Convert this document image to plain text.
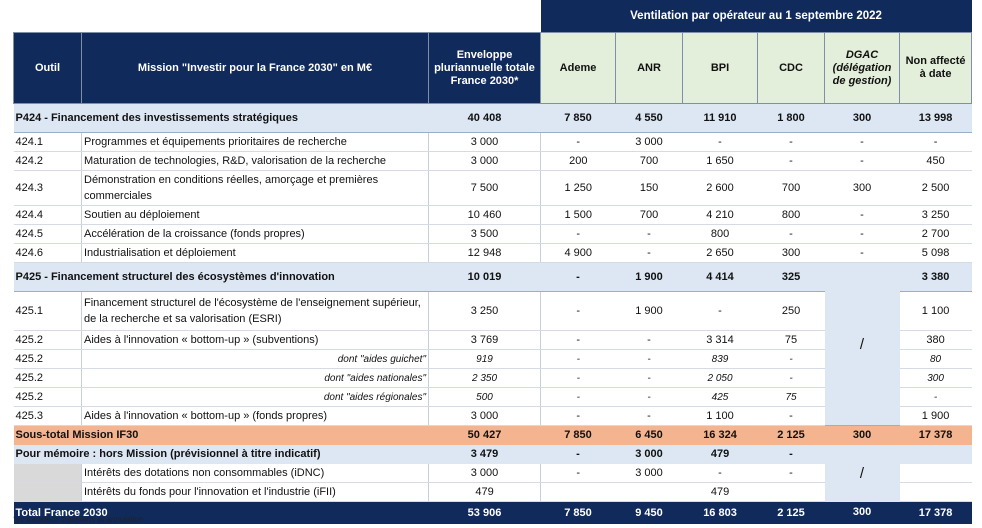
			Ventilation par opérateur au 1 septembre 2022					
Outil	Mission "Investir pour la France 2030" en M€	Enveloppe pluriannuelle totale France 2030*	Ademe	ANR	BPI	CDC	DGAC (délégation de gestion)	Non affecté à date
P424 - Financement des investissements stratégiques		40 408	7 850	4 550	11 910	1 800	300	13 998
424.1	Programmes et équipements prioritaires de recherche	3 000	-	3 000	-	-	-	-
424.2	Maturation de technologies, R&D, valorisation de la recherche	3 000	200	700	1 650	-	-	450
424.3	Démonstration en conditions réelles, amorçage et premières commerciales	7 500	1 250	150	2 600	700	300	2 500
424.4	Soutien au déploiement	10 460	1 500	700	4 210	800	-	3 250
424.5	Accélération de la croissance (fonds propres)	3 500	-	-	800	-	-	2 700
424.6	Industrialisation et déploiement	12 948	4 900	-	2 650	300	-	5 098
P425 - Financement structurel des écosystèmes d'innovation		10 019	-	1 900	4 414	325	/	3 380
425.1	Financement structurel de l'écosystème de l'enseignement supérieur, de la recherche et sa valorisation (ESRI)	3 250	-	1 900	-	250		1 100
425.2	Aides à l'innovation « bottom-up » (subventions)	3 769	-	-	3 314	75		380
425.2	dont "aides guichet"	919	-	-	839	-		80
425.2	dont "aides nationales"	2 350	-	-	2 050	-		300
425.2	dont "aides régionales"	500	-	-	425	75		-
425.3	Aides à l'innovation « bottom-up » (fonds propres)	3 000	-	-	1 100	-		1 900
Sous-total Mission IF30		50 427	7 850	6 450	16 324	2 125	300	17 378
Pour mémoire : hors Mission (prévisionnel à titre indicatif)		3 479	-	3 000	479	-	/	
	Intérêts des dotations non consommables (iDNC)	3 000	-	3 000	-	-		
	Intérêts du fonds pour l'innovation et l'industrie (iFII)	479			479			
Total France 2030		53 906	7 850	9 450	16 803	2 125	300	17 378
*yc transferts transferts et annulation
